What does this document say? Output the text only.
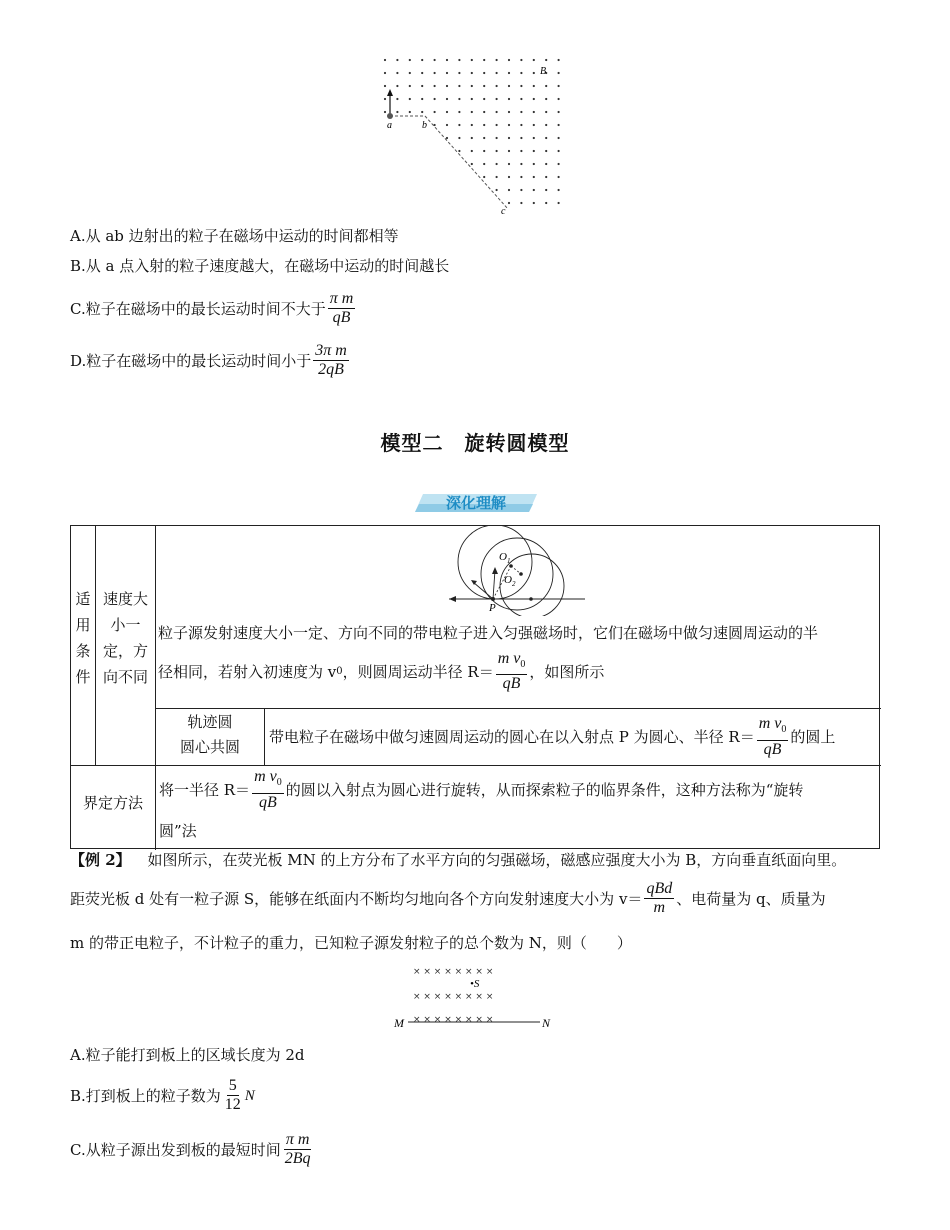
a	b
c
B
A.从 ab 边射出的粒子在磁场中运动的时间都相等
B.从 a 点入射的粒子速度越大，在磁场中运动的时间越长
C.粒子在磁场中的最长运动时间不大于 $\frac{\text{π m}}{qB}$
D.粒子在磁场中的最长运动时间小于 $\frac{\text{3π m}}{2qB}$
模型二　旋转圆模型
深化理解
适用条件
速度大小一定，方向不同
$O_1$
$O_2$
P
粒子源发射速度大小一定、方向不同的带电粒子进入匀强磁场时，它们在磁场中做匀速圆周运动的半
径相同，若射入初速度为 v 0 ，则圆周运动半径 $R= \frac{m v_0}{qB}$ ，如图所示
轨迹圆
圆心共圆
带电粒子在磁场中做匀速圆周运动的圆心在以入射点 P 为圆心、半径 $R= \frac{m v_0}{qB}$ 的圆上
界定方法
将一半径 $R= \frac{m v_0}{qB}$ 的圆以入射点为圆心进行旋转，从而探索粒子的临界条件，这种方法称为“旋转
圆”法
【例 2】 如图所示，在荧光板 MN 的上方分布了水平方向的匀强磁场，磁感应强度大小为 B，方向垂直纸面向里。
距荧光板 d 处有一粒子源 S，能够在纸面内不断均匀地向各个方向发射速度大小为 $v= \frac{\text{qBd}}{m}$ 、电荷量为 q、质量为
m 的带正电粒子，不计粒子的重力，已知粒子源发射粒子的总个数为 N，则（　　）
× × × × × × × ×
•S
× × × × × × × ×
× × × × × × × ×
M	N
A.粒子能打到板上的区域长度为 2d
B.打到板上的粒子数为 $\frac{5}{12}$ N
C.从粒子源出发到板的最短时间 $\frac{\text{π m}}{2Bq}$
